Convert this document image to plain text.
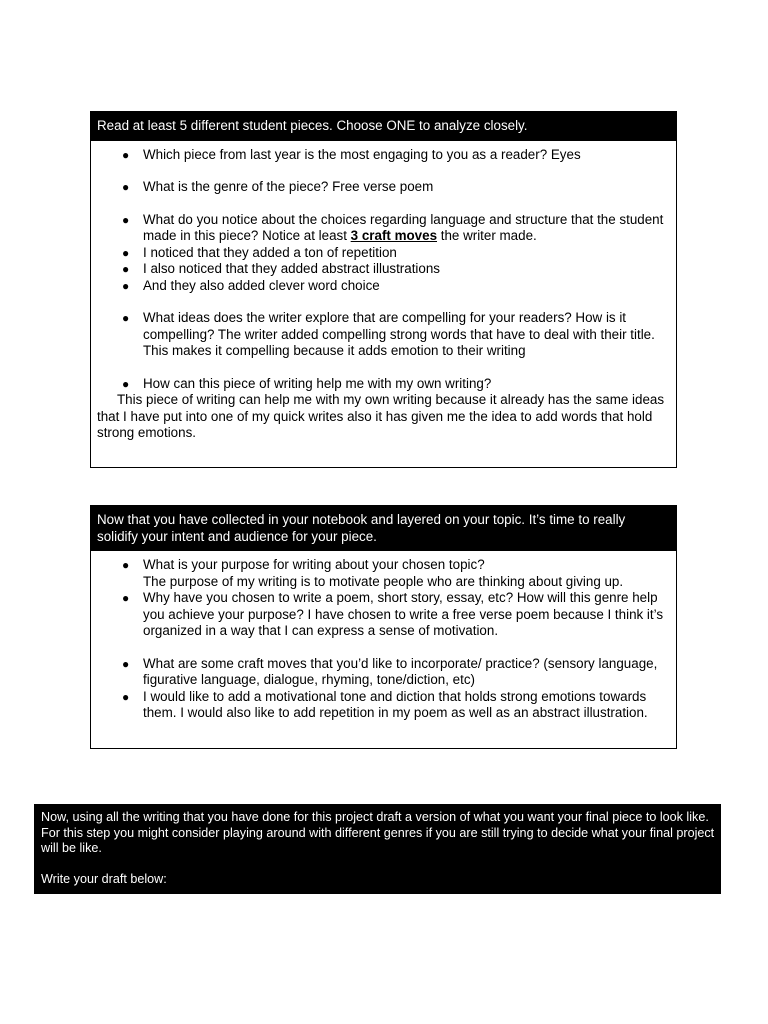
Read at least 5 different student pieces. Choose ONE to analyze closely.
● Which piece from last year is the most engaging to you as a reader? Eyes
● What is the genre of the piece? Free verse poem
● What do you notice about the choices regarding language and structure that the student made in this piece? Notice at least 3 craft moves the writer made.
● I noticed that they added a ton of repetition
● I also noticed that they added abstract illustrations
● And they also added clever word choice
● What ideas does the writer explore that are compelling for your readers? How is it compelling? The writer added compelling strong words that have to deal with their title. This makes it compelling because it adds emotion to their writing
● How can this piece of writing help me with my own writing?

This piece of writing can help me with my own writing because it already has the same ideas that I have put into one of my quick writes also it has given me the idea to add words that hold strong emotions.

Now that you have collected in your notebook and layered on your topic. It’s time to really solidify your intent and audience for your piece.
● What is your purpose for writing about your chosen topic?
The purpose of my writing is to motivate people who are thinking about giving up.
● Why have you chosen to write a poem, short story, essay, etc? How will this genre help you achieve your purpose? I have chosen to write a free verse poem because I think it’s organized in a way that I can express a sense of motivation.
● What are some craft moves that you’d like to incorporate/ practice? (sensory language, figurative language, dialogue, rhyming, tone/diction, etc)
● I would like to add a motivational tone and diction that holds strong emotions towards them. I would also like to add repetition in my poem as well as an abstract illustration.

Now, using all the writing that you have done for this project draft a version of what you want your final piece to look like. For this step you might consider playing around with different genres if you are still trying to decide what your final project will be like.

Write your draft below:
